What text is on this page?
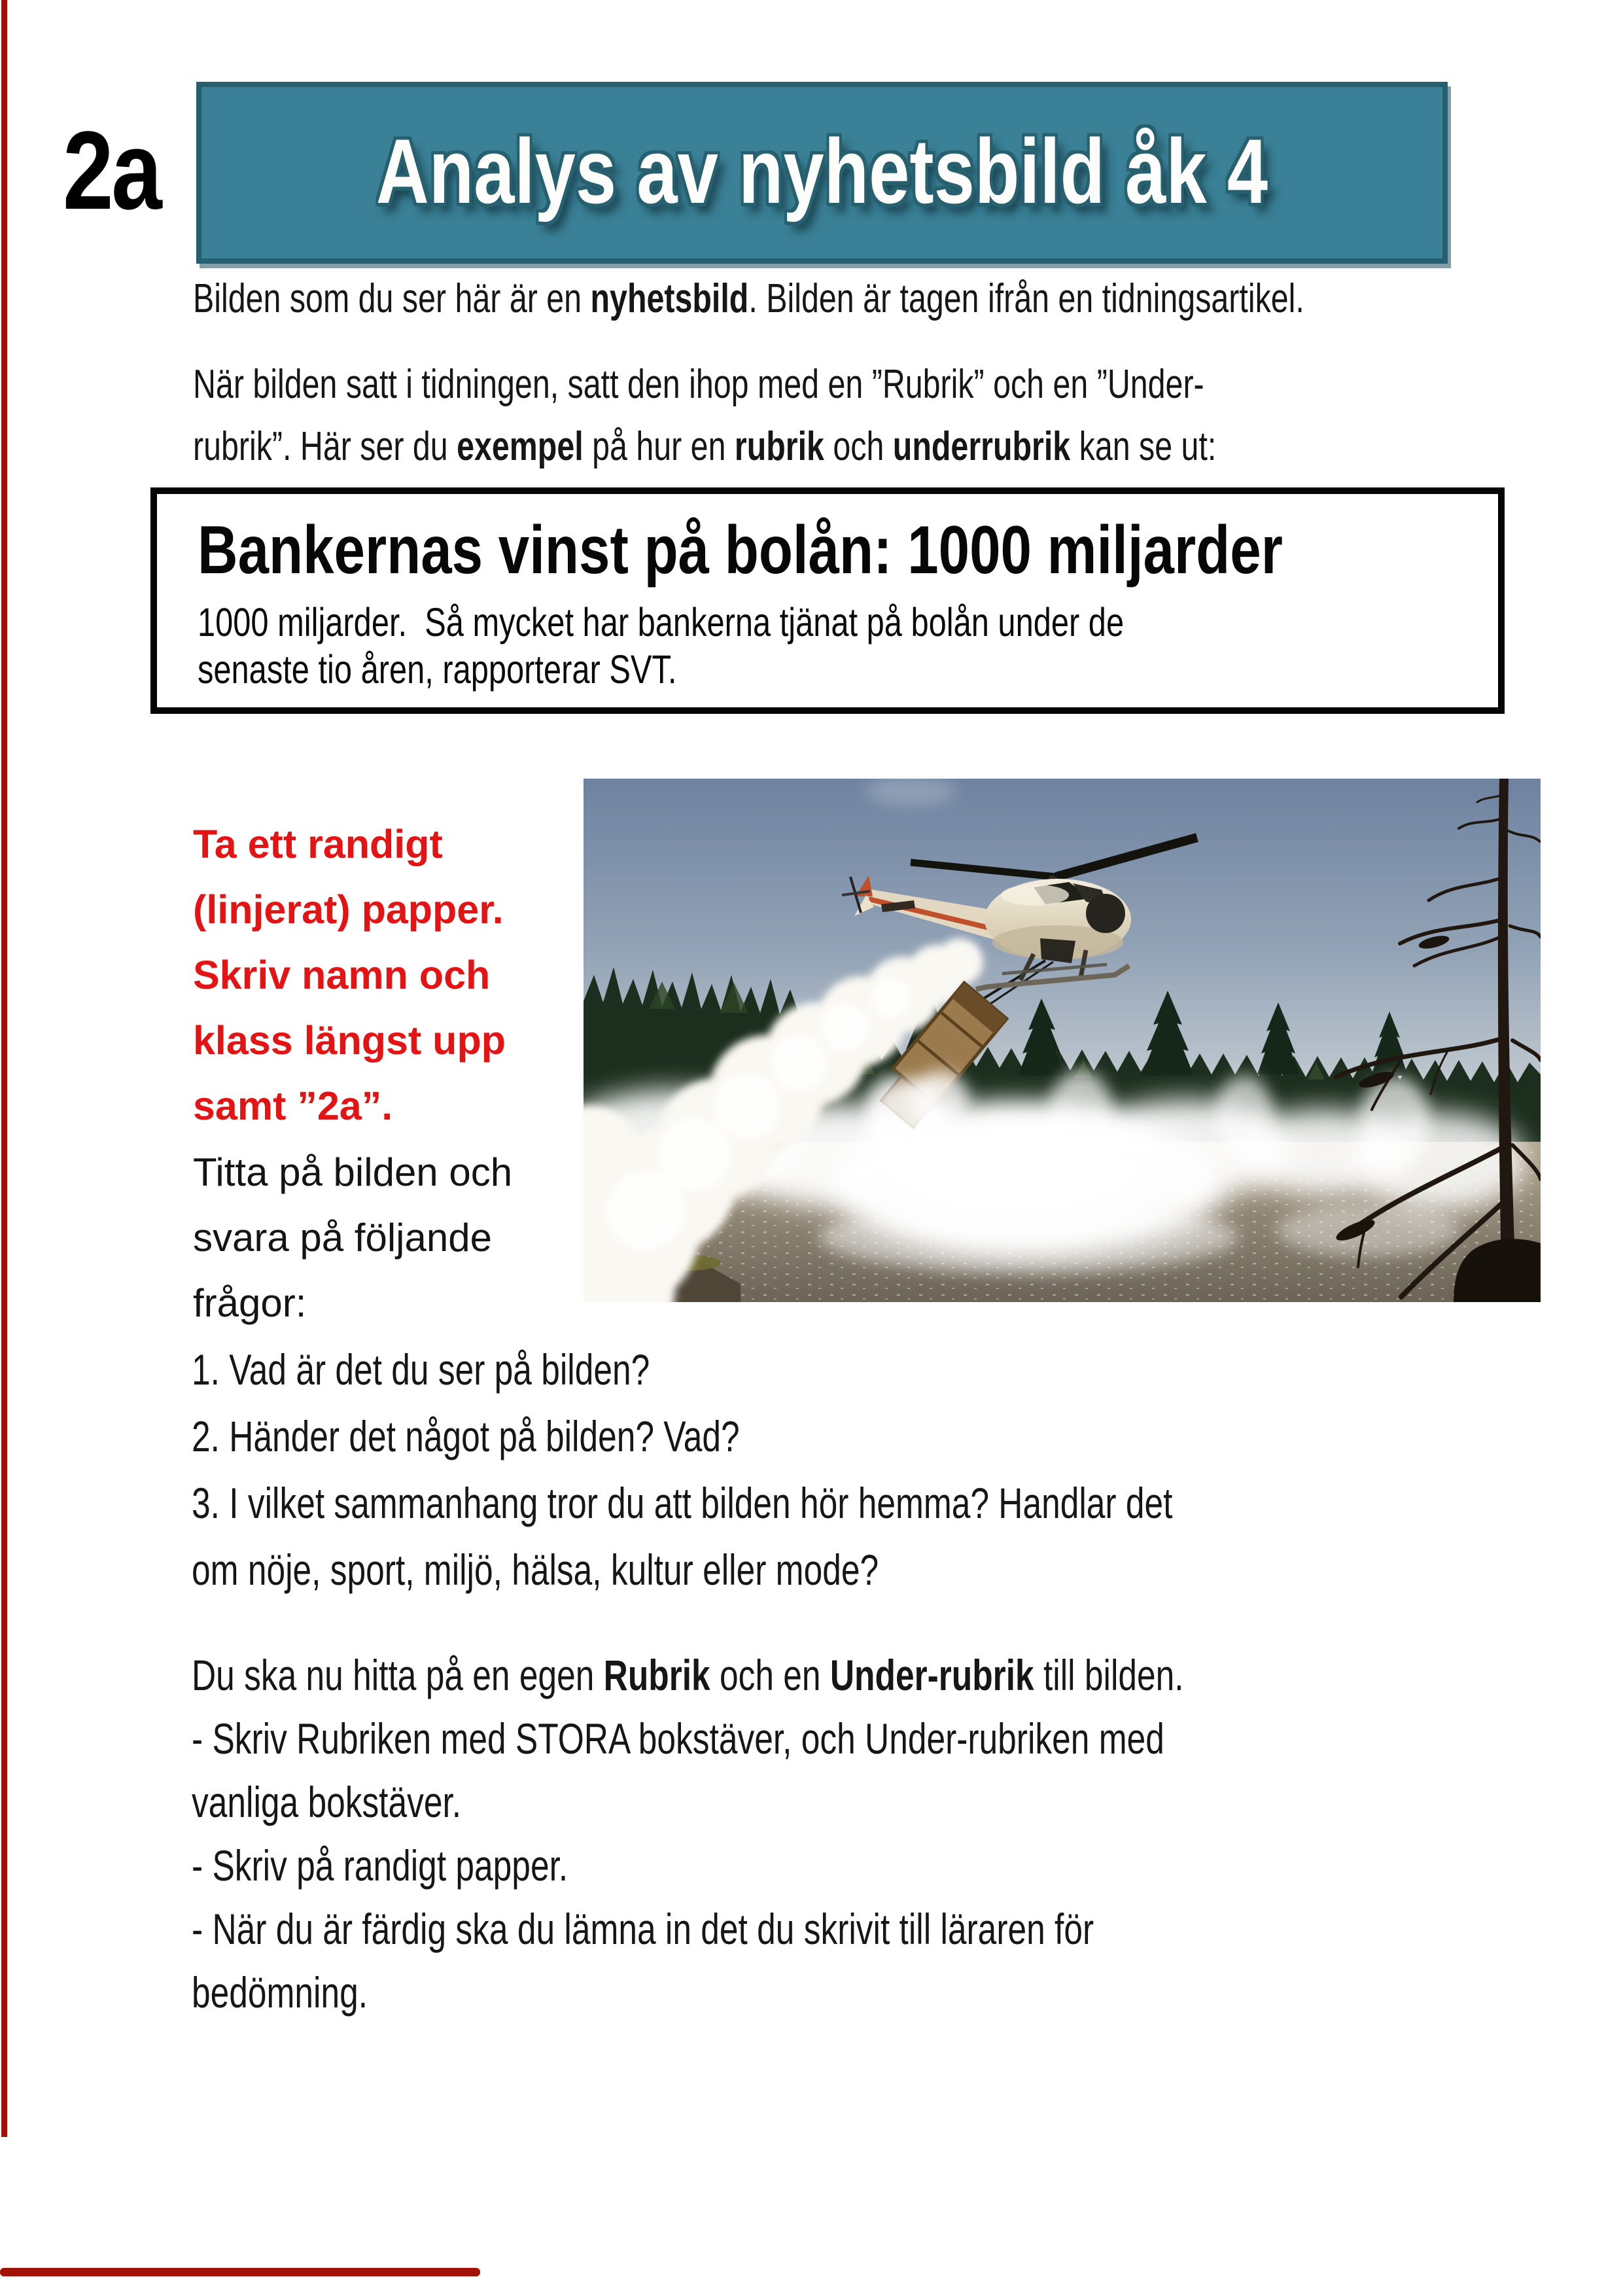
2a	Analys av nyhetsbild åk 4
Bilden som du ser här är en nyhetsbild. Bilden är tagen ifrån en tidningsartikel.
När bilden satt i tidningen, satt den ihop med en ”Rubrik” och en ”Under-
rubrik”. Här ser du exempel på hur en rubrik och underrubrik kan se ut:
Bankernas vinst på bolån: 1000 miljarder
1000 miljarder.  Så mycket har bankerna tjänat på bolån under de
senaste tio åren, rapporterar SVT.
Ta ett randigt
(linjerat) papper.
Skriv namn och
klass längst upp
samt ”2a”.
Titta på bilden och
svara på följande
frågor:
1. Vad är det du ser på bilden?
2. Händer det något på bilden? Vad?
3. I vilket sammanhang tror du att bilden hör hemma? Handlar det
om nöje, sport, miljö, hälsa, kultur eller mode?
Du ska nu hitta på en egen Rubrik och en Under-rubrik till bilden.
- Skriv Rubriken med STORA bokstäver, och Under-rubriken med
vanliga bokstäver.
- Skriv på randigt papper.
- När du är färdig ska du lämna in det du skrivit till läraren för
bedömning.
